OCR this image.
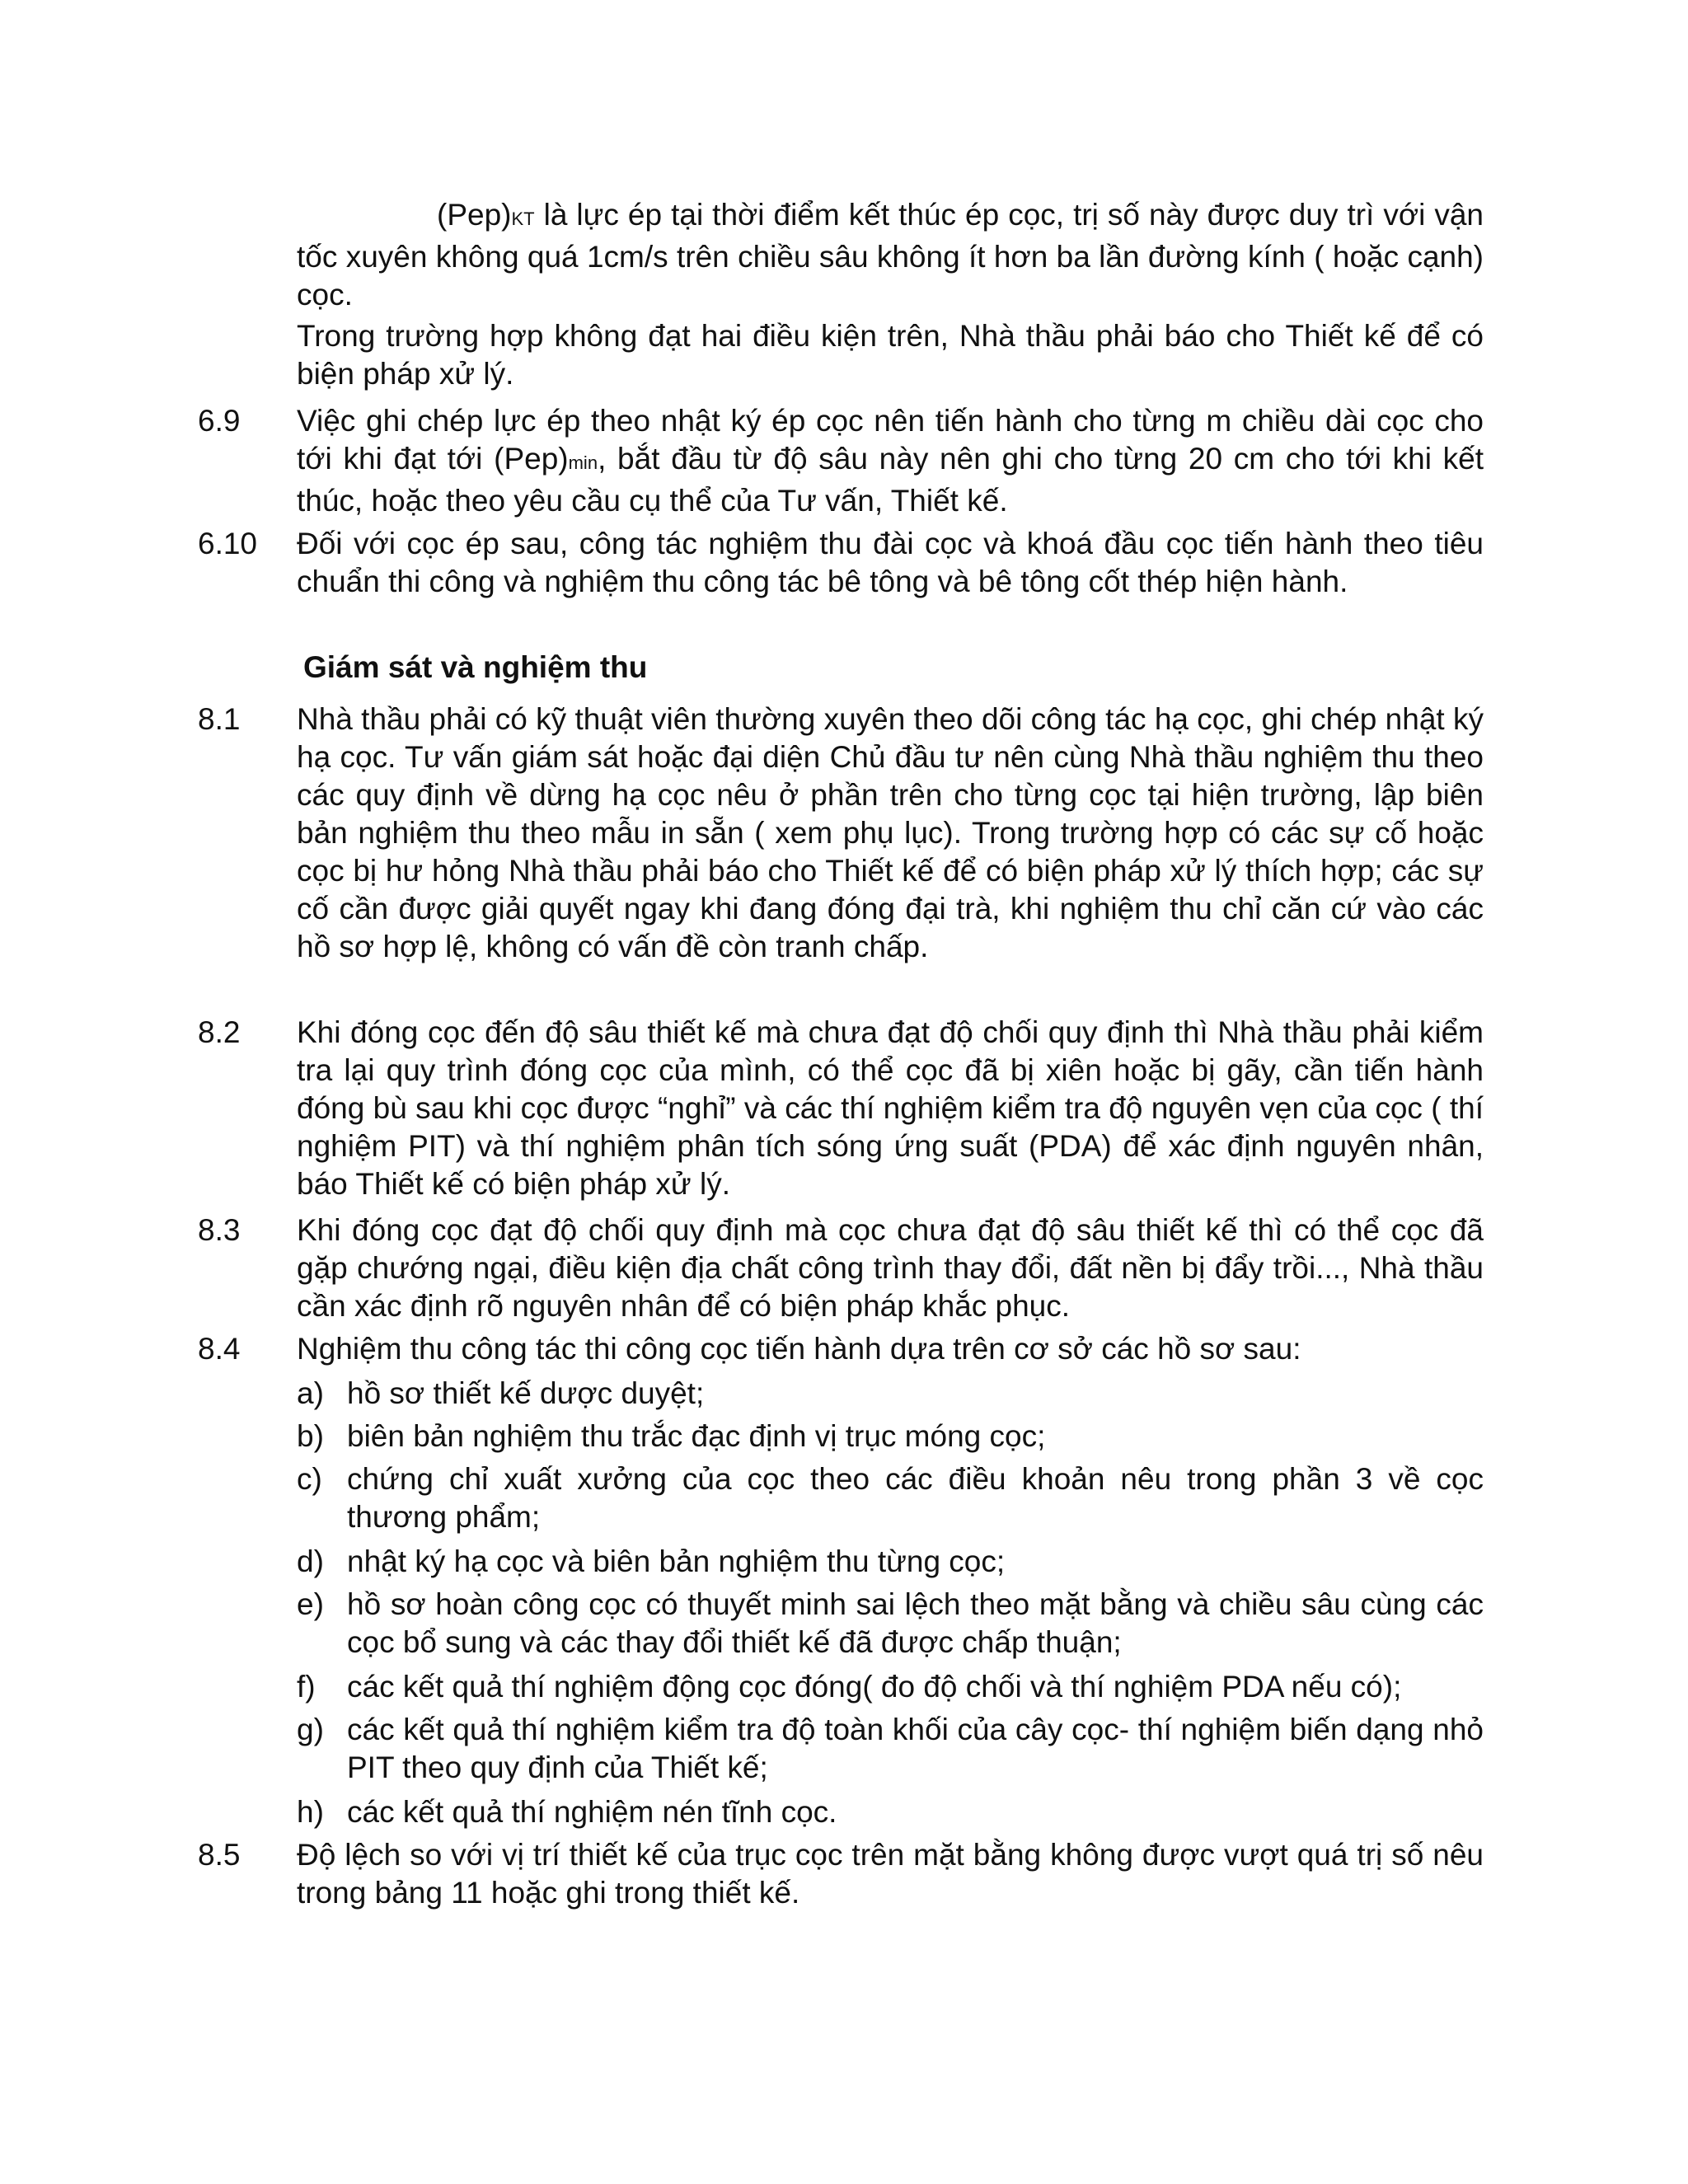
(Pep)KT là lực ép tại thời điểm kết thúc ép cọc, trị số này được duy trì với vận tốc xuyên không quá 1cm/s trên chiều sâu không ít hơn ba lần đường kính ( hoặc cạnh) cọc.

Trong trường hợp không đạt hai điều kiện trên, Nhà thầu phải báo cho Thiết kế để có biện pháp xử lý.

6.9 Việc ghi chép lực ép theo nhật ký ép cọc nên tiến hành cho từng m chiều dài cọc cho tới khi đạt tới (Pep)min, bắt đầu từ độ sâu này nên ghi cho từng 20 cm cho tới khi kết thúc, hoặc theo yêu cầu cụ thể của Tư vấn, Thiết kế.

6.10 Đối với cọc ép sau, công tác nghiệm thu đài cọc và khoá đầu cọc tiến hành theo tiêu chuẩn thi công và nghiệm thu công tác bê tông và bê tông cốt thép hiện hành.

Giám sát và nghiệm thu

8.1 Nhà thầu phải có kỹ thuật viên thường xuyên theo dõi công tác hạ cọc, ghi chép nhật ký hạ cọc. Tư vấn giám sát hoặc đại diện Chủ đầu tư nên cùng Nhà thầu nghiệm thu theo các quy định về dừng hạ cọc nêu ở phần trên cho từng cọc tại hiện trường, lập biên bản nghiệm thu theo mẫu in sẵn ( xem phụ lục). Trong trường hợp có các sự cố hoặc cọc bị hư hỏng Nhà thầu phải báo cho Thiết kế để có biện pháp xử lý thích hợp; các sự cố cần được giải quyết ngay khi đang đóng đại trà, khi nghiệm thu chỉ căn cứ vào các hồ sơ hợp lệ, không có vấn đề còn tranh chấp.

8.2 Khi đóng cọc đến độ sâu thiết kế mà chưa đạt độ chối quy định thì Nhà thầu phải kiểm tra lại quy trình đóng cọc của mình, có thể cọc đã bị xiên hoặc bị gãy, cần tiến hành đóng bù sau khi cọc được “nghỉ” và các thí nghiệm kiểm tra độ nguyên vẹn của cọc ( thí nghiệm PIT) và thí nghiệm phân tích sóng ứng suất (PDA) để xác định nguyên nhân, báo Thiết kế có biện pháp xử lý.

8.3 Khi đóng cọc đạt độ chối quy định mà cọc chưa đạt độ sâu thiết kế thì có thể cọc đã gặp chướng ngại, điều kiện địa chất công trình thay đổi, đất nền bị đẩy trồi..., Nhà thầu cần xác định rõ nguyên nhân để có biện pháp khắc phục.

8.4 Nghiệm thu công tác thi công cọc tiến hành dựa trên cơ sở các hồ sơ sau:

a) hồ sơ thiết kế dược duyệt;

b) biên bản nghiệm thu trắc đạc định vị trục móng cọc;

c) chứng chỉ xuất xưởng của cọc theo các điều khoản nêu trong phần 3 về cọc thương phẩm;

d) nhật ký hạ cọc và biên bản nghiệm thu từng cọc;

e) hồ sơ hoàn công cọc có thuyết minh sai lệch theo mặt bằng và chiều sâu cùng các cọc bổ sung và các thay đổi thiết kế đã được chấp thuận;

f) các kết quả thí nghiệm động cọc đóng( đo độ chối và thí nghiệm PDA nếu có);

g) các kết quả thí nghiệm kiểm tra độ toàn khối của cây cọc- thí nghiệm biến dạng nhỏ PIT theo quy định của Thiết kế;

h) các kết quả thí nghiệm nén tĩnh cọc.

8.5 Độ lệch so với vị trí thiết kế của trục cọc trên mặt bằng không được vượt quá trị số nêu trong bảng 11 hoặc ghi trong thiết kế.
